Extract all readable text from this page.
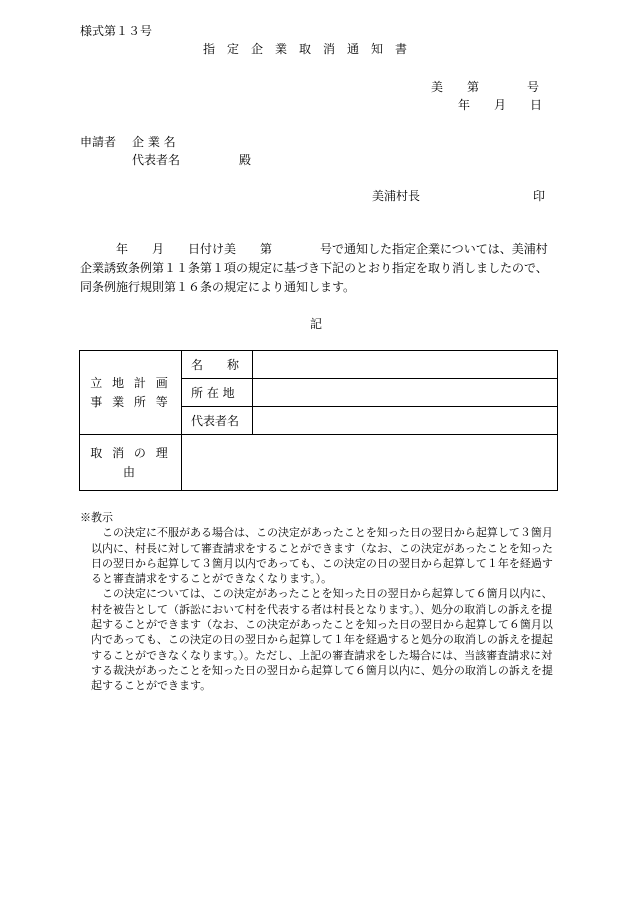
様式第１３号
指　定　企　業　取　消　通　知　書
美　　第　　　　号
年　　月　　日
申請者 企 業 名
代表者名	殿
美浦村長	印

　　　年　　月　　日付け美　　第　　　　号で通知した指定企業については、美浦村企業誘致条例第１１条第１項の規定に基づき下記のとおり指定を取り消しましたので、同条例施行規則第１６条の規定により通知します。

記
立 地 計 画
事 業 所 等	名　　称	
	所 在 地	
	代表者名	
取 消 の 理 由		
※教示

この決定に不服がある場合は、この決定があったことを知った日の翌日から起算して３箇月以内に、村長に対して審査請求をすることができます（なお、この決定があったことを知った日の翌日から起算して３箇月以内であっても、この決定の日の翌日から起算して１年を経過すると審査請求をすることができなくなります。）。

この決定については、この決定があったことを知った日の翌日から起算して６箇月以内に、村を被告として（訴訟において村を代表する者は村長となります。）、処分の取消しの訴えを提起することができます（なお、この決定があったことを知った日の翌日から起算して６箇月以内であっても、この決定の日の翌日から起算して１年を経過すると処分の取消しの訴えを提起することができなくなります。）。ただし、上記の審査請求をした場合には、当該審査請求に対する裁決があったことを知った日の翌日から起算して６箇月以内に、処分の取消しの訴えを提起することができます。
